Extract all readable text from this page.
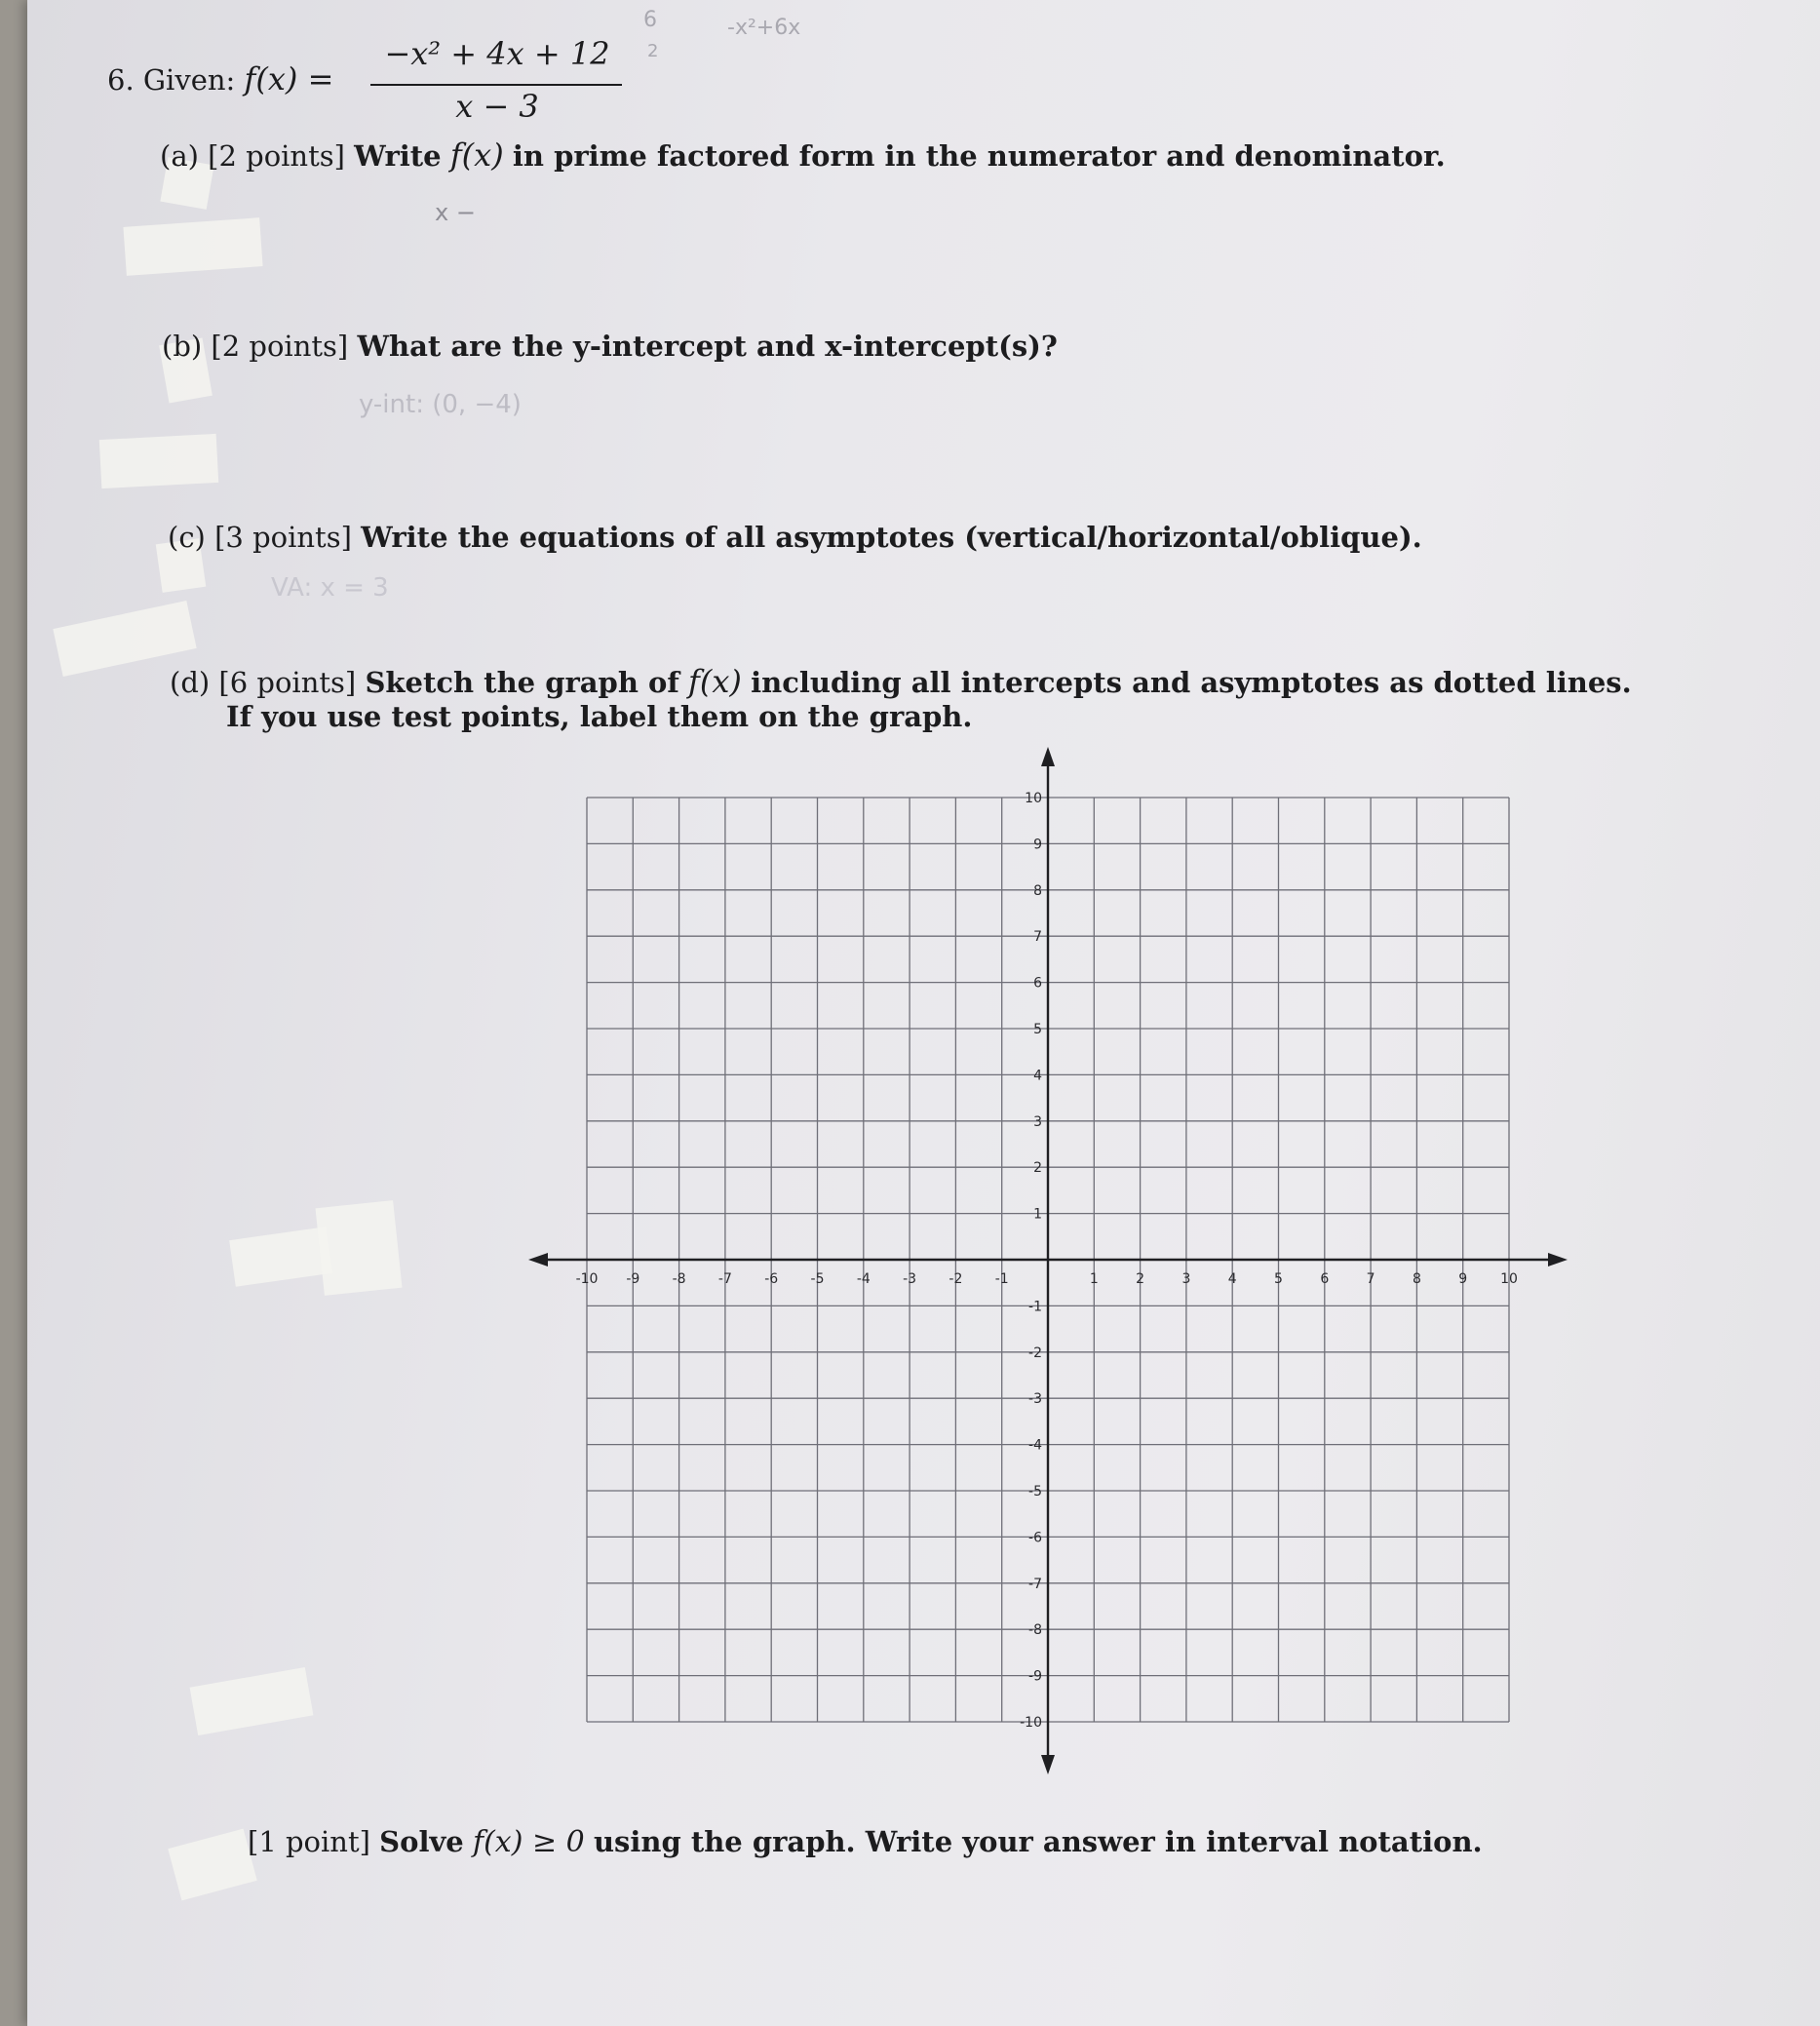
6
2
-x²+6x
x −
y-int: (0, −4)
VA: x = 3
6. Given: f(x) =
−x² + 4x + 12
x − 3
(a) [2 points] Write f(x) in prime factored form in the numerator and denominator.
(b) [2 points] What are the y-intercept and x-intercept(s)?
(c) [3 points] Write the equations of all asymptotes (vertical/horizontal/oblique).
(d) [6 points] Sketch the graph of f(x) including all intercepts and asymptotes as dotted lines.
If you use test points, label them on the graph.
-10 -9 -8 -7 -6 -5 -4 -3 -2 -1	1	2	3	4	5	6	7	8	9 10
10
9
8
7
6
5
4
3
2
1
-1
-2
-3
-4
-5
-6
-7
-8
-9
-10
[1 point] Solve f(x) ≥ 0 using the graph. Write your answer in interval notation.
